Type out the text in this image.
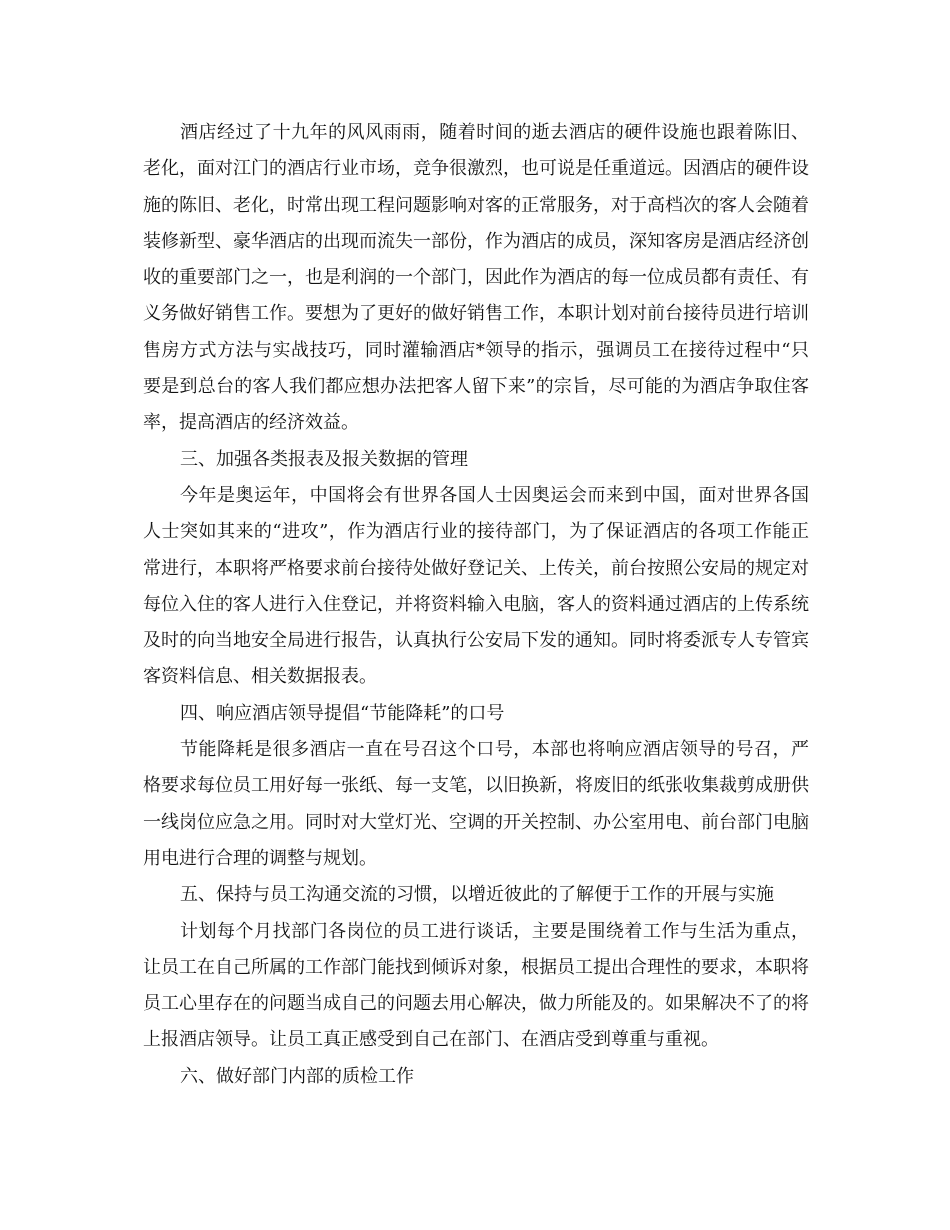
酒店经过了十九年的风风雨雨，随着时间的逝去酒店的硬件设施也跟着陈旧、老化，面对江门的酒店行业市场，竞争很激烈，也可说是任重道远。因酒店的硬件设施的陈旧、老化，时常出现工程问题影响对客的正常服务，对于高档次的客人会随着装修新型、豪华酒店的出现而流失一部份，作为酒店的成员，深知客房是酒店经济创收的重要部门之一，也是利润的一个部门，因此作为酒店的每一位成员都有责任、有义务做好销售工作。要想为了更好的做好销售工作，本职计划对前台接待员进行培训售房方式方法与实战技巧，同时灌输酒店*领导的指示，强调员工在接待过程中“只要是到总台的客人我们都应想办法把客人留下来”的宗旨，尽可能的为酒店争取住客率，提高酒店的经济效益。

三、加强各类报表及报关数据的管理

今年是奥运年，中国将会有世界各国人士因奥运会而来到中国，面对世界各国人士突如其来的“进攻”，作为酒店行业的接待部门，为了保证酒店的各项工作能正常进行，本职将严格要求前台接待处做好登记关、上传关，前台按照公安局的规定对每位入住的客人进行入住登记，并将资料输入电脑，客人的资料通过酒店的上传系统及时的向当地安全局进行报告，认真执行公安局下发的通知。同时将委派专人专管宾客资料信息、相关数据报表。

四、响应酒店领导提倡“节能降耗”的口号

节能降耗是很多酒店一直在号召这个口号，本部也将响应酒店领导的号召，严格要求每位员工用好每一张纸、每一支笔，以旧换新，将废旧的纸张收集裁剪成册供一线岗位应急之用。同时对大堂灯光、空调的开关控制、办公室用电、前台部门电脑用电进行合理的调整与规划。

五、保持与员工沟通交流的习惯，以增近彼此的了解便于工作的开展与实施

计划每个月找部门各岗位的员工进行谈话，主要是围绕着工作与生活为重点，让员工在自己所属的工作部门能找到倾诉对象，根据员工提出合理性的要求，本职将员工心里存在的问题当成自己的问题去用心解决，做力所能及的。如果解决不了的将上报酒店领导。让员工真正感受到自己在部门、在酒店受到尊重与重视。

六、做好部门内部的质检工作
